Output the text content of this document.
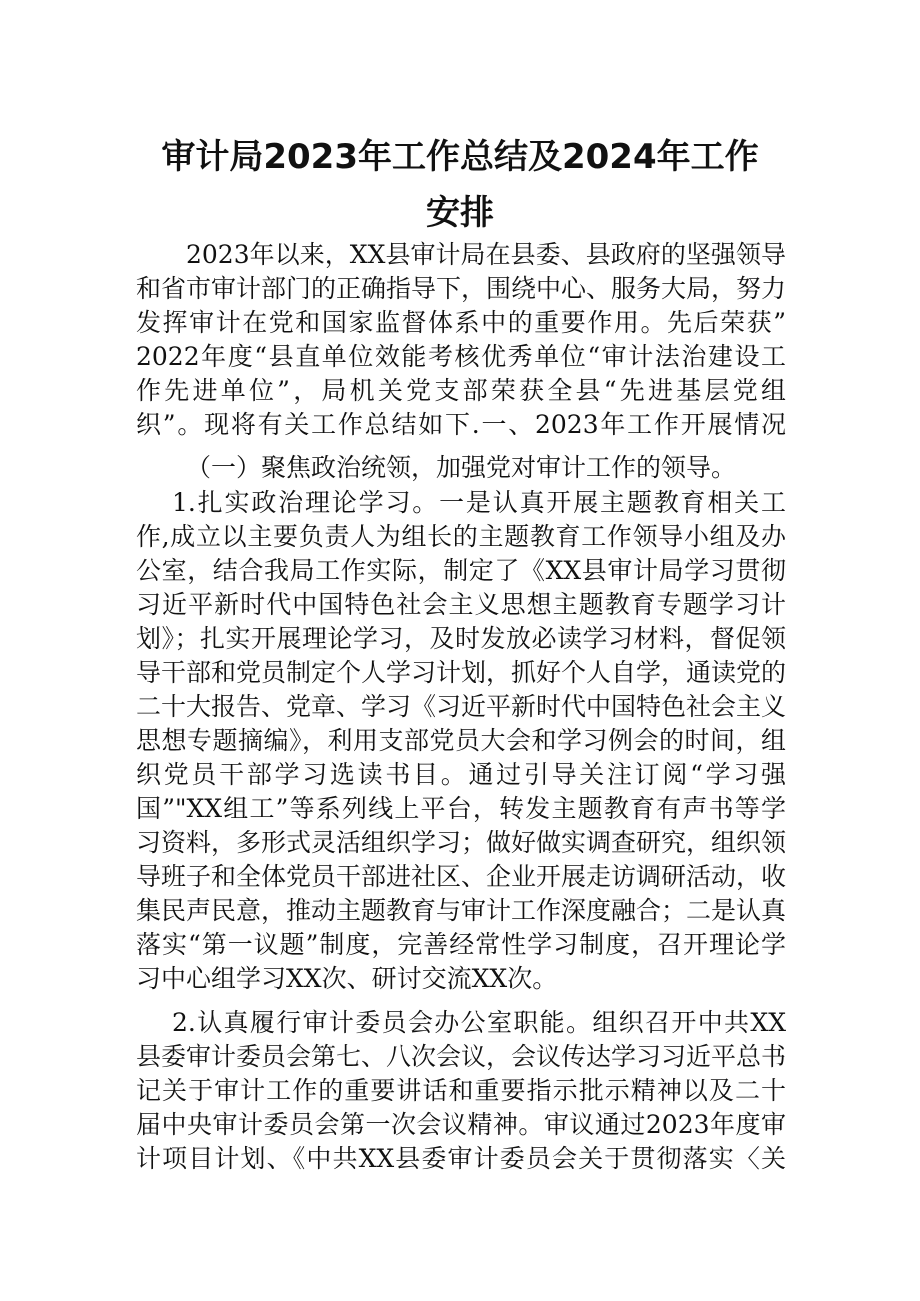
审计局2023年工作总结及2024年工作
安排
2023年以来，XX县审计局在县委、县政府的坚强领导
和省市审计部门的正确指导下，围绕中心、服务大局，努力
发挥审计在党和国家监督体系中的重要作用。先后荣获”
2022年度“县直单位效能考核优秀单位“审计法治建设工
作先进单位”，局机关党支部荣获全县“先进基层党组
织”。现将有关工作总结如下.一、2023年工作开展情况
（一）聚焦政治统领，加强党对审计工作的领导。
1.扎实政治理论学习。一是认真开展主题教育相关工
作,成立以主要负责人为组长的主题教育工作领导小组及办
公室，结合我局工作实际，制定了《XX县审计局学习贯彻
习近平新时代中国特色社会主义思想主题教育专题学习计
划》；扎实开展理论学习，及时发放必读学习材料，督促领
导干部和党员制定个人学习计划，抓好个人自学，通读党的
二十大报告、党章、学习《习近平新时代中国特色社会主义
思想专题摘编》，利用支部党员大会和学习例会的时间，组
织党员干部学习选读书目。通过引导关注订阅“学习强
国”"XX组工”等系列线上平台，转发主题教育有声书等学
习资料，多形式灵活组织学习；做好做实调查研究，组织领
导班子和全体党员干部进社区、企业开展走访调研活动，收
集民声民意，推动主题教育与审计工作深度融合；二是认真
落实“第一议题”制度，完善经常性学习制度，召开理论学
习中心组学习XX次、研讨交流XX次。
2.认真履行审计委员会办公室职能。组织召开中共XX
县委审计委员会第七、八次会议，会议传达学习习近平总书
记关于审计工作的重要讲话和重要指示批示精神以及二十
届中央审计委员会第一次会议精神。审议通过2023年度审
计项目计划、《中共XX县委审计委员会关于贯彻落实〈关
